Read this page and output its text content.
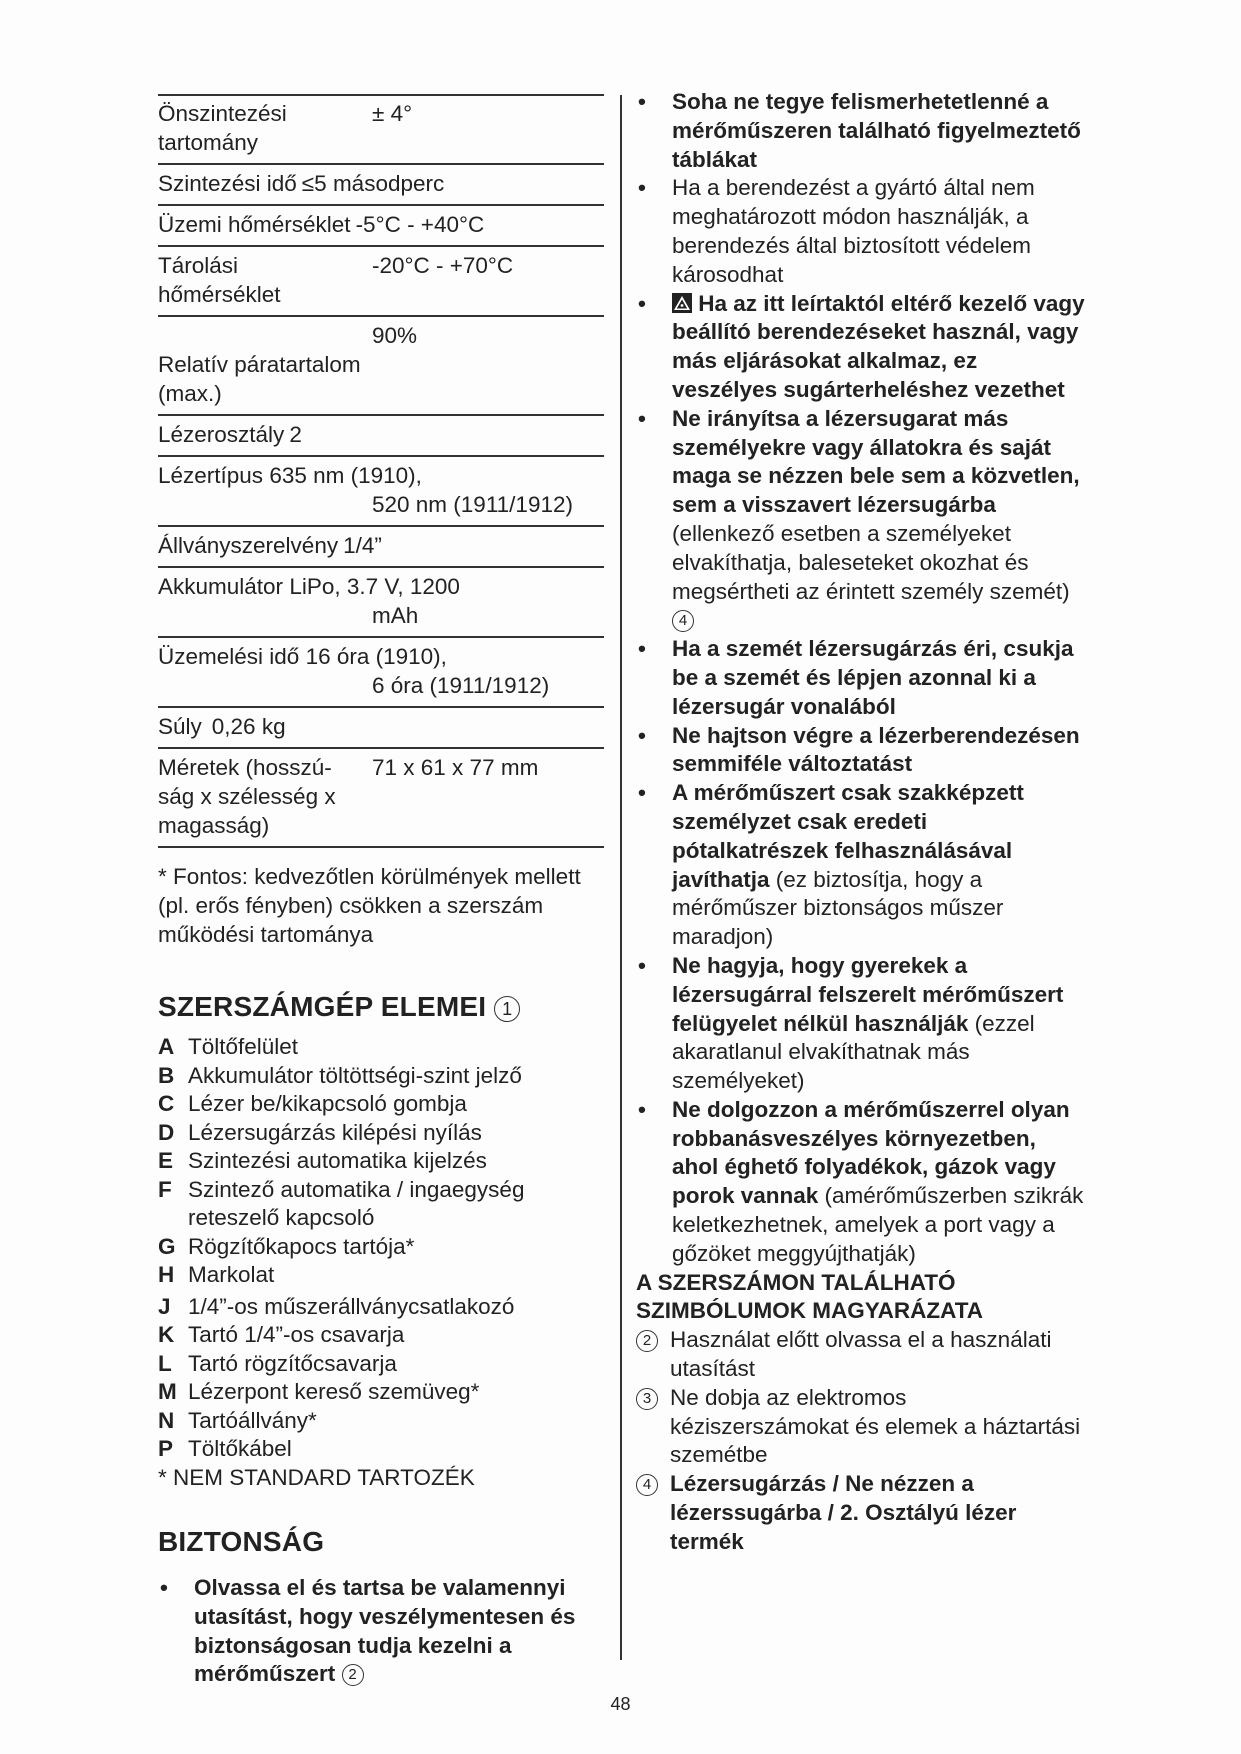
Önszintezési tartomány
± 4°
Szintezési idő ≤5 másodperc
Üzemi hőmérséklet -5°C - +40°C
Tárolási hőmérséklet
-20°C - +70°C
Relatív páratartalom (max.)
90%
Lézerosztály 2
Lézertípus 635 nm (1910),
520 nm (1911/1912)
Állványszerelvény 1/4”
Akkumulátor LiPo, 3.7 V, 1200
mAh
Üzemelési idő 16 óra (1910),
6 óra (1911/1912)
Súly 0,26 kg
Méretek (hosszú-ság x szélesség x magasság)
71 x 61 x 77 mm
* Fontos: kedvezőtlen körülmények mellett (pl. erős fényben) csökken a szerszám működési tartománya
SZERSZÁMGÉP ELEMEI 1
A Töltőfelület
B Akkumulátor töltöttségi-szint jelző
C Lézer be/kikapcsoló gombja
D Lézersugárzás kilépési nyílás
E Szintezési automatika kijelzés
F Szintező automatika / ingaegység reteszelő kapcsoló
G Rögzítőkapocs tartója*
H Markolat
J 1/4”-os műszerállványcsatlakozó
K Tartó 1/4”-os csavarja
L Tartó rögzítőcsavarja
M Lézerpont kereső szemüveg*
N Tartóállvány*
P Töltőkábel
* NEM STANDARD TARTOZÉK
BIZTONSÁG
• Olvassa el és tartsa be valamennyi utasítást, hogy veszélymentesen és biztonságosan tudja kezelni a mérőműszert 2
• Soha ne tegye felismerhetetlenné a mérőműszeren található figyelmeztető táblákat
• Ha a berendezést a gyártó által nem meghatározott módon használják, a berendezés által biztosított védelem károsodhat
• Ha az itt leírtaktól eltérő kezelő vagy beállító berendezéseket használ, vagy más eljárásokat alkalmaz, ez veszélyes sugárterheléshez vezethet
• Ne irányítsa a lézersugarat más személyekre vagy állatokra és saját maga se nézzen bele sem a közvetlen, sem a visszavert lézersugárba (ellenkező esetben a személyeket elvakíthatja, baleseteket okozhat és megsértheti az érintett személy szemét) 4
• Ha a szemét lézersugárzás éri, csukja be a szemét és lépjen azonnal ki a lézersugár vonalából
• Ne hajtson végre a lézerberendezésen semmiféle változtatást
• A mérőműszert csak szakképzett személyzet csak eredeti pótalkatrészek felhasználásával javíthatja (ez biztosítja, hogy a mérőműszer biztonságos műszer maradjon)
• Ne hagyja, hogy gyerekek a lézersugárral felszerelt mérőműszert felügyelet nélkül használják (ezzel akaratlanul elvakíthatnak más személyeket)
• Ne dolgozzon a mérőműszerrel olyan robbanásveszélyes környezetben, ahol éghető folyadékok, gázok vagy porok vannak (amérőműszerben szikrák keletkezhetnek, amelyek a port vagy a gőzöket meggyújthatják)
A SZERSZÁMON TALÁLHATÓ
SZIMBÓLUMOK MAGYARÁZATA
2 Használat előtt olvassa el a használati utasítást
3 Ne dobja az elektromos kéziszerszámokat és elemek a háztartási szemétbe
4 Lézersugárzás / Ne nézzen a lézerssugárba / 2. Osztályú lézer termék
48
